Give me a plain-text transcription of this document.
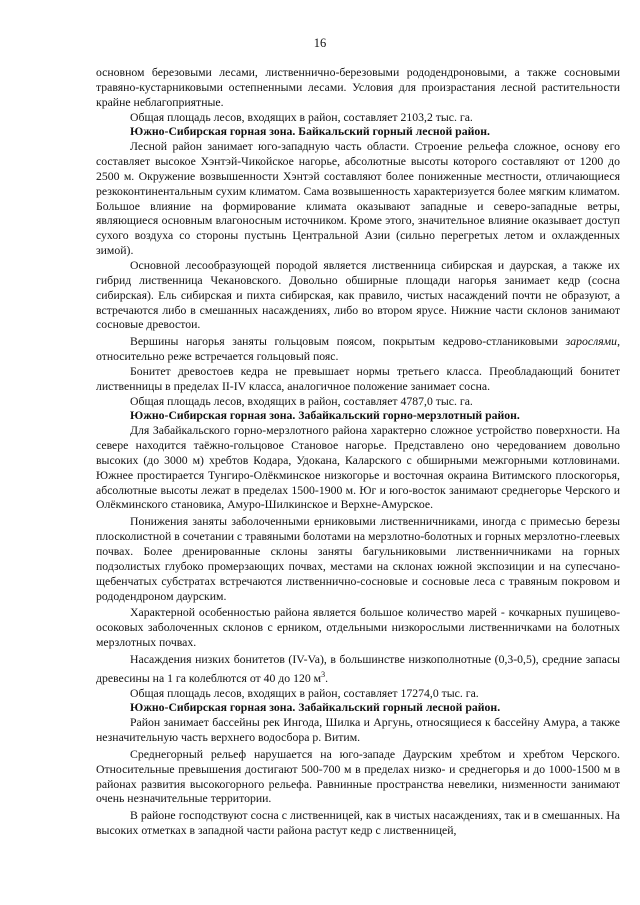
16

основном березовыми лесами, лиственнично-березовыми рододендроновыми, а также сосновыми травяно-кустарниковыми остепненными лесами. Условия для произрастания лесной растительности крайне неблагоприятные.

Общая площадь лесов, входящих в район, составляет 2103,2 тыс. га.

Южно-Сибирская горная зона. Байкальский горный лесной район.

Лесной район занимает юго-западную часть области. Строение рельефа сложное, основу его составляет высокое Хэнтэй-Чикойское нагорье, абсолютные высоты которого составляют от 1200 до 2500 м. Окружение возвышенности Хэнтэй составляют более пониженные местности, отличающиеся резкоконтинентальным сухим климатом. Сама возвышенность характеризуется более мягким климатом. Большое влияние на формирование климата оказывают западные и северо-западные ветры, являющиеся основным влагоносным источником. Кроме этого, значительное влияние оказывает доступ сухого воздуха со стороны пустынь Центральной Азии (сильно перегретых летом и охлажденных зимой).

Основной лесообразующей породой является лиственница сибирская и даурская, а также их гибрид лиственница Чекановского. Довольно обширные площади нагорья занимает кедр (сосна сибирская). Ель сибирская и пихта сибирская, как правило, чистых насаждений почти не образуют, а встречаются либо в смешанных насаждениях, либо во втором ярусе. Нижние части склонов занимают сосновые древостои.

Вершины нагорья заняты гольцовым поясом, покрытым кедрово-стланиковыми зарослями, относительно реже встречается гольцовый пояс.

Бонитет древостоев кедра не превышает нормы третьего класса. Преобладающий бонитет лиственницы в пределах II-IV класса, аналогичное положение занимает сосна.

Общая площадь лесов, входящих в район, составляет 4787,0 тыс. га.

Южно-Сибирская горная зона. Забайкальский горно-мерзлотный район.

Для Забайкальского горно-мерзлотного района характерно сложное устройство поверхности. На севере находится таёжно-гольцовое Становое нагорье. Представлено оно чередованием довольно высоких (до 3000 м) хребтов Кодара, Удокана, Каларского с обширными межгорными котловинами. Южнее простирается Тунгиро-Олёкминское низкогорье и восточная окраина Витимского плоскогорья, абсолютные высоты лежат в пределах 1500-1900 м. Юг и юго-восток занимают среднегорье Черского и Олёкминского становика, Амуро-Шилкинское и Верхне-Амурское.

Понижения заняты заболоченными ерниковыми лиственничниками, иногда с примесью березы плосколистной в сочетании с травяными болотами на мерзлотно-болотных и горных мерзлотно-глеевых почвах. Более дренированные склоны заняты багульниковыми лиственничниками на горных подзолистых глубоко промерзающих почвах, местами на склонах южной экспозиции и на супесчано-щебенчатых субстратах встречаются лиственнично-сосновые и сосновые леса с травяным покровом и рододендроном даурским.

Характерной особенностью района является большое количество марей - кочкарных пушицево-осоковых заболоченных склонов с ерником, отдельными низкорослыми лиственничками на болотных мерзлотных почвах.

Насаждения низких бонитетов (IV-Va), в большинстве низкополнотные (0,3-0,5), средние запасы древесины на 1 га колеблются от 40 до 120 $м^3$.

Общая площадь лесов, входящих в район, составляет 17274,0 тыс. га.

Южно-Сибирская горная зона. Забайкальский горный лесной район.

Район занимает бассейны рек Ингода, Шилка и Аргунь, относящиеся к бассейну Амура, а также незначительную часть верхнего водосбора р. Витим.

Среднегорный рельеф нарушается на юго-западе Даурским хребтом и хребтом Черского. Относительные превышения достигают 500-700 м в пределах низко- и среднегорья и до 1000-1500 м в районах развития высокогорного рельефа. Равнинные пространства невелики, низменности занимают очень незначительные территории.

В районе господствуют сосна с лиственницей, как в чистых насаждениях, так и в смешанных. На высоких отметках в западной части района растут кедр с лиственницей,
